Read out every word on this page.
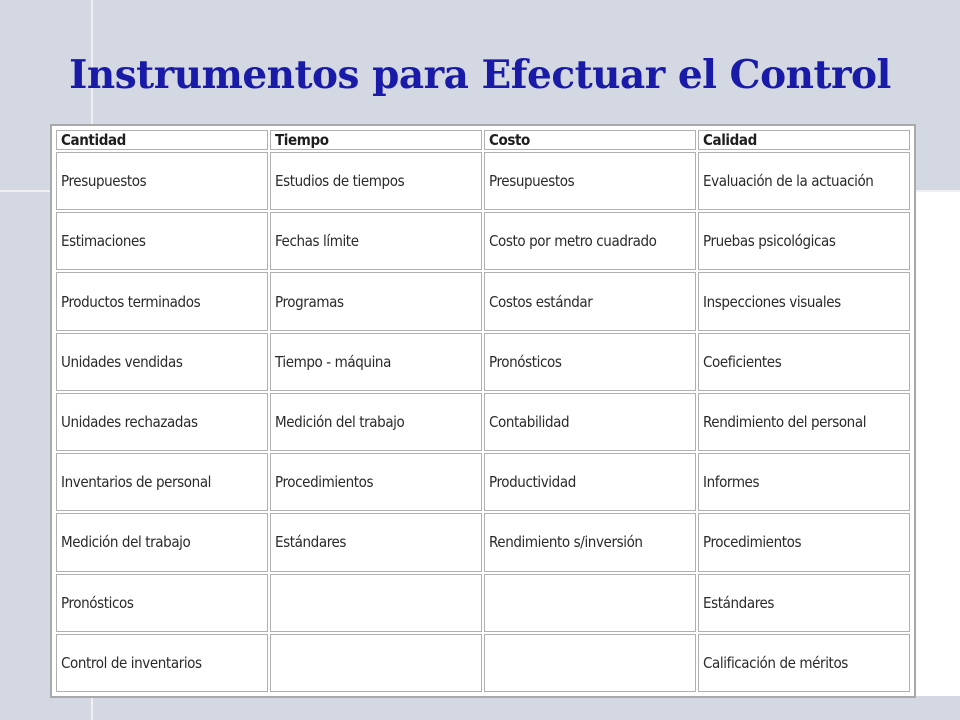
Instrumentos para Efectuar el Control
Cantidad	Tiempo	Costo	Calidad
Presupuestos	Estudios de tiempos	Presupuestos	Evaluación de la actuación
Estimaciones	Fechas límite	Costo por metro cuadrado	Pruebas psicológicas
Productos terminados	Programas	Costos estándar	Inspecciones visuales
Unidades vendidas	Tiempo - máquina	Pronósticos	Coeficientes
Unidades rechazadas	Medición del trabajo	Contabilidad	Rendimiento del personal
Inventarios de personal	Procedimientos	Productividad	Informes
Medición del trabajo	Estándares	Rendimiento s/inversión	Procedimientos
Pronósticos			Estándares
Control de inventarios			Calificación de méritos
